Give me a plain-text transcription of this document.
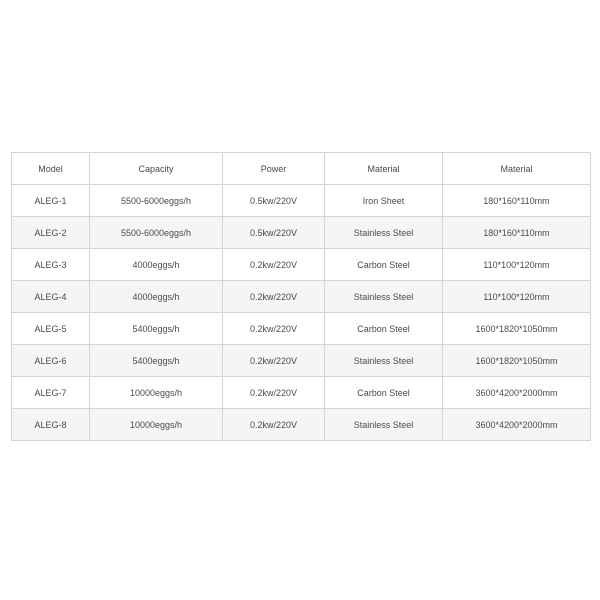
Model	Capacity	Power	Material	Material
ALEG-1	5500-6000eggs/h	0.5kw/220V	Iron Sheet	180*160*110mm
ALEG-2	5500-6000eggs/h	0.5kw/220V	Stainless Steel	180*160*110mm
ALEG-3	4000eggs/h	0.2kw/220V	Carbon Steel	110*100*120mm
ALEG-4	4000eggs/h	0.2kw/220V	Stainless Steel	110*100*120mm
ALEG-5	5400eggs/h	0.2kw/220V	Carbon Steel	1600*1820*1050mm
ALEG-6	5400eggs/h	0.2kw/220V	Stainless Steel	1600*1820*1050mm
ALEG-7	10000eggs/h	0.2kw/220V	Carbon Steel	3600*4200*2000mm
ALEG-8	10000eggs/h	0.2kw/220V	Stainless Steel	3600*4200*2000mm
